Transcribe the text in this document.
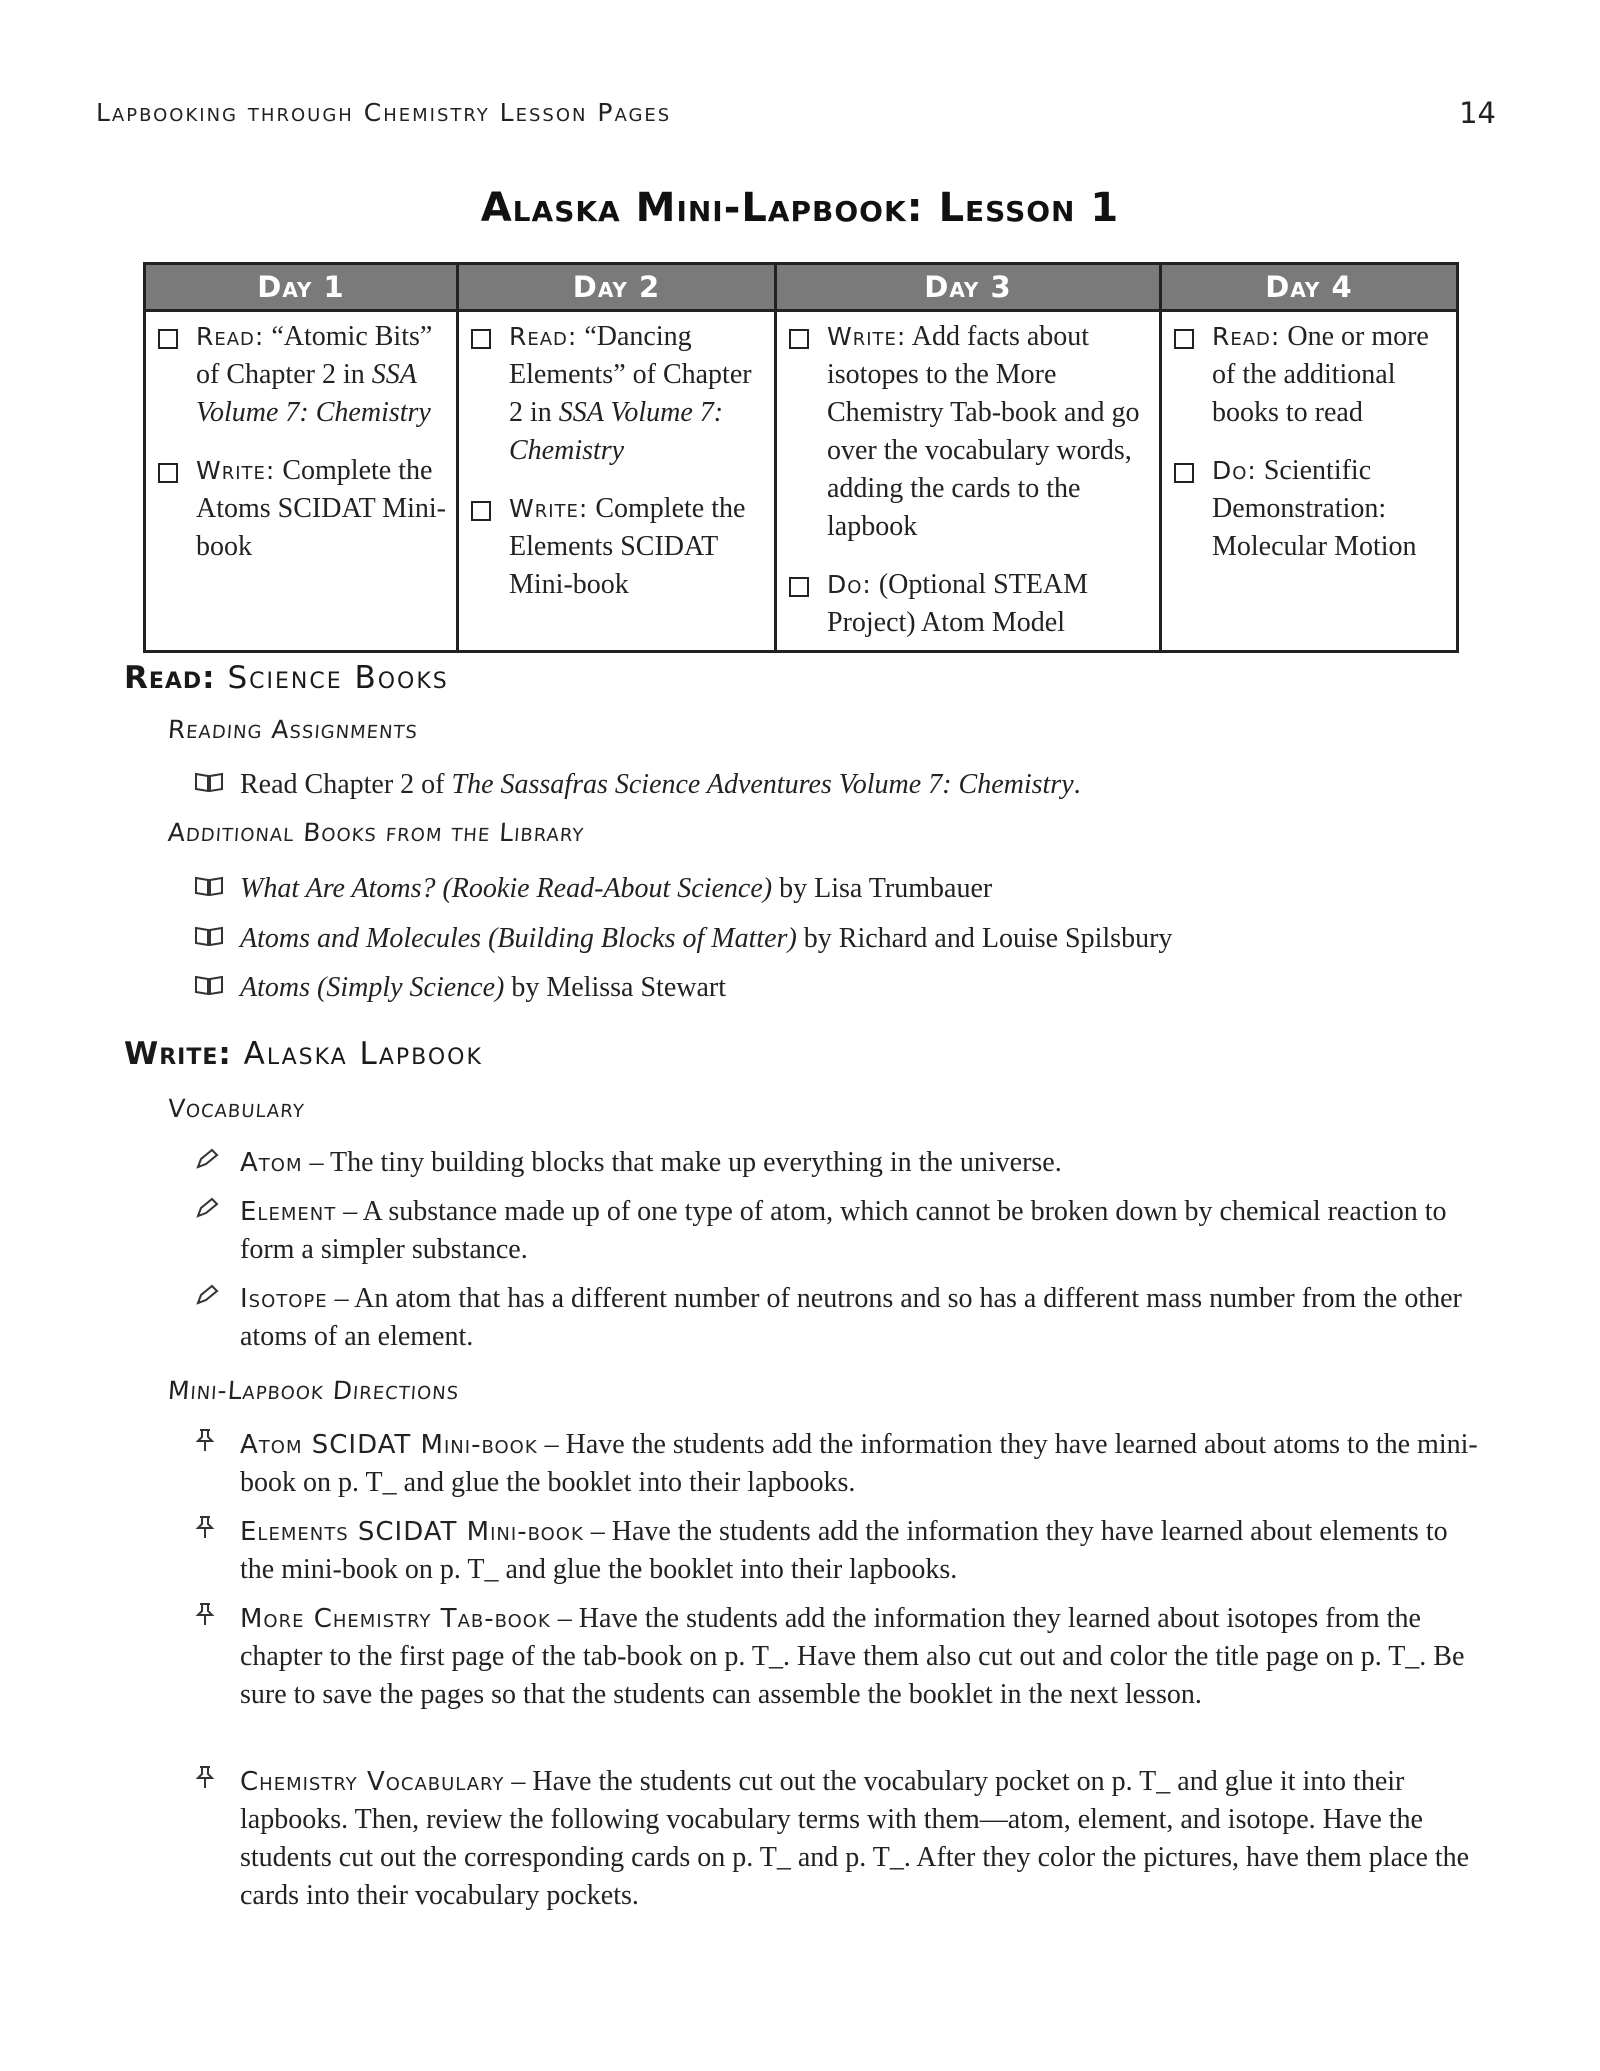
Lapbooking through Chemistry Lesson Pages	14
Alaska Mini-Lapbook: Lesson 1
Day 1
Read: “Atomic Bits” of Chapter 2 in SSA Volume 7: Chemistry
Write: Complete the Atoms SCIDAT Mini-book
Day 2
Read: “Dancing Elements” of Chapter 2 in SSA Volume 7: Chemistry
Write: Complete the Elements SCIDAT Mini-book
Day 3
Write: Add facts about isotopes to the More Chemistry Tab-book and go over the vocabulary words, adding the cards to the lapbook
Do: (Optional STEAM Project) Atom Model
Day 4
Read: One or more of the additional books to read
Do: Scientific Demonstration: Molecular Motion
Read: Science Books
Reading Assignments
Read Chapter 2 of The Sassafras Science Adventures Volume 7: Chemistry.
Additional Books from the Library
What Are Atoms? (Rookie Read-About Science) by Lisa Trumbauer
Atoms and Molecules (Building Blocks of Matter) by Richard and Louise Spilsbury
Atoms (Simply Science) by Melissa Stewart
Write: Alaska Lapbook
Vocabulary
Atom – The tiny building blocks that make up everything in the universe.
Element – A substance made up of one type of atom, which cannot be broken down by chemical reaction to form a simpler substance.
Isotope – An atom that has a different number of neutrons and so has a different mass number from the other atoms of an element.
Mini-Lapbook Directions
Atom SCIDAT Mini-book – Have the students add the information they have learned about atoms to the mini-book on p. T_ and glue the booklet into their lapbooks.
Elements SCIDAT Mini-book – Have the students add the information they have learned about elements to the mini-book on p. T_ and glue the booklet into their lapbooks.
More Chemistry Tab-book – Have the students add the information they learned about isotopes from the chapter to the first page of the tab-book on p. T_. Have them also cut out and color the title page on p. T_. Be sure to save the pages so that the students can assemble the booklet in the next lesson.
Chemistry Vocabulary – Have the students cut out the vocabulary pocket on p. T_ and glue it into their lapbooks. Then, review the following vocabulary terms with them—atom, element, and isotope. Have the students cut out the corresponding cards on p. T_ and p. T_. After they color the pictures, have them place the cards into their vocabulary pockets.
